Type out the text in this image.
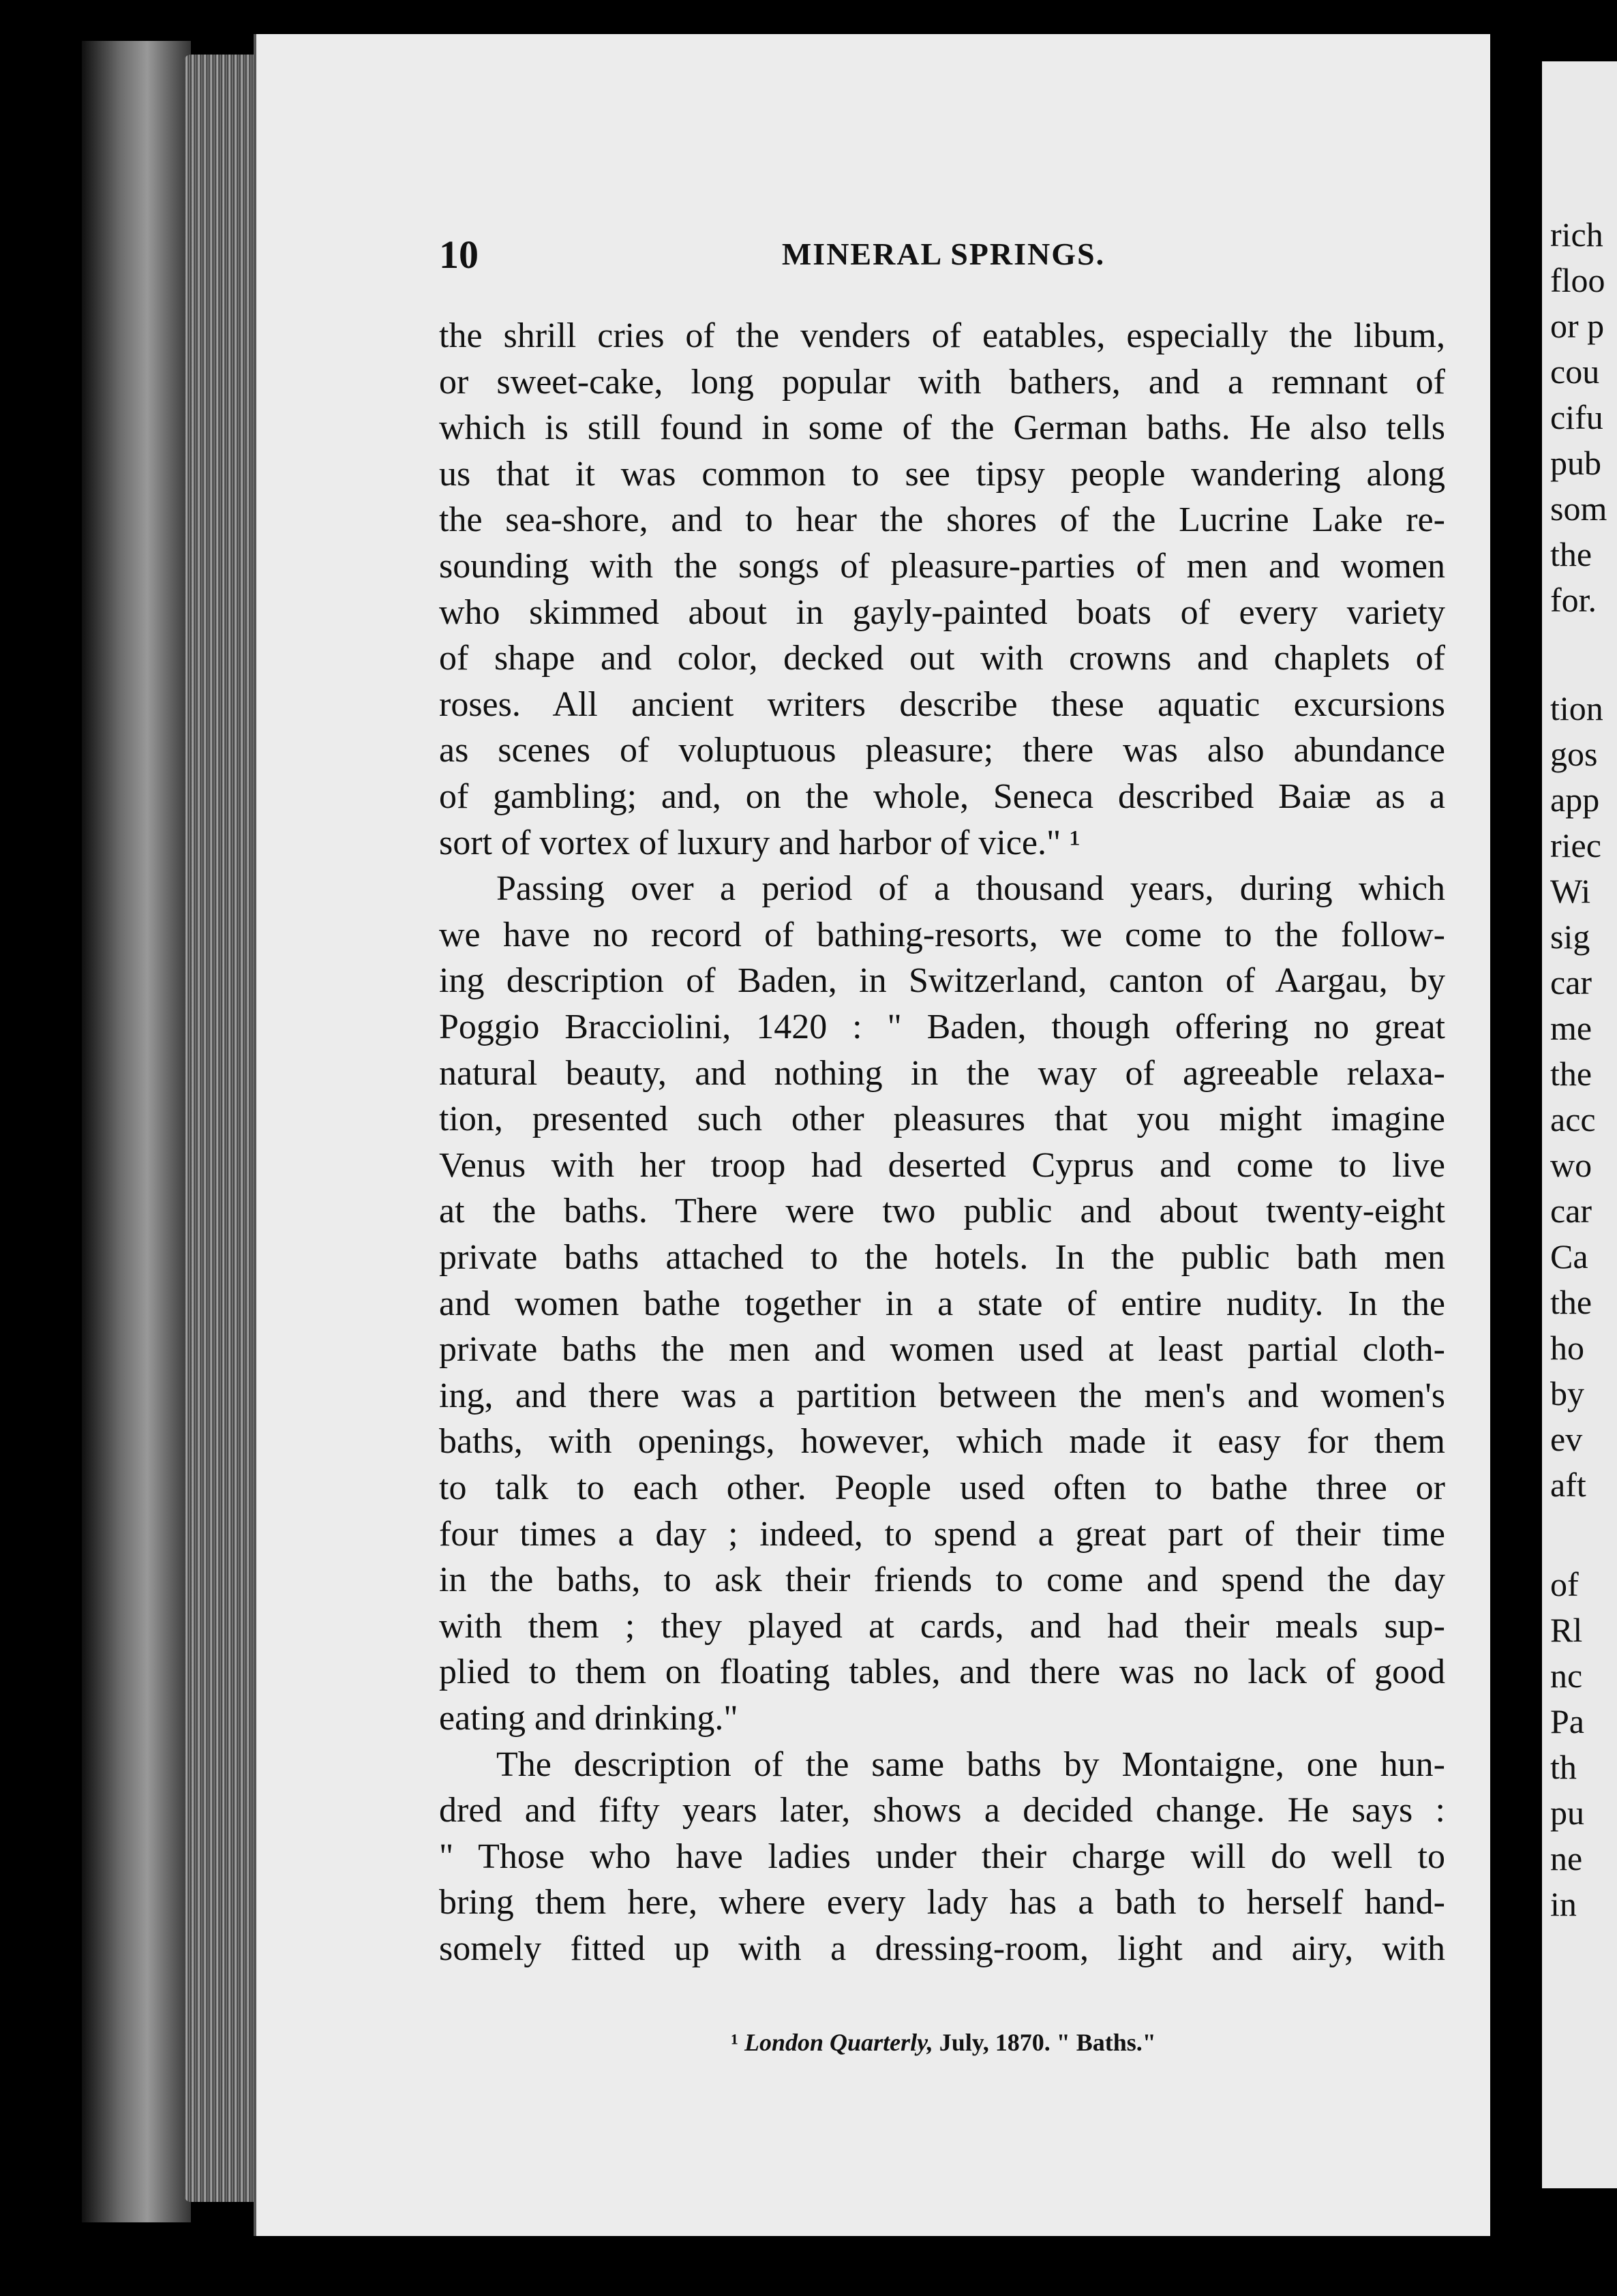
10	MINERAL SPRINGS.
the shrill cries of the venders of eatables, especially the libum,
or sweet-cake, long popular with bathers, and a remnant of
which is still found in some of the German baths. He also tells
us that it was common to see tipsy people wandering along
the sea-shore, and to hear the shores of the Lucrine Lake re-
sounding with the songs of pleasure-parties of men and women
who skimmed about in gayly-painted boats of every variety
of shape and color, decked out with crowns and chaplets of
roses. All ancient writers describe these aquatic excursions
as scenes of voluptuous pleasure; there was also abundance
of gambling; and, on the whole, Seneca described Baiæ as a
sort of vortex of luxury and harbor of vice." ¹
Passing over a period of a thousand years, during which
we have no record of bathing-resorts, we come to the follow-
ing description of Baden, in Switzerland, canton of Aargau, by
Poggio Bracciolini, 1420 : " Baden, though offering no great
natural beauty, and nothing in the way of agreeable relaxa-
tion, presented such other pleasures that you might imagine
Venus with her troop had deserted Cyprus and come to live
at the baths. There were two public and about twenty-eight
private baths attached to the hotels. In the public bath men
and women bathe together in a state of entire nudity. In the
private baths the men and women used at least partial cloth-
ing, and there was a partition between the men's and women's
baths, with openings, however, which made it easy for them
to talk to each other. People used often to bathe three or
four times a day ; indeed, to spend a great part of their time
in the baths, to ask their friends to come and spend the day
with them ; they played at cards, and had their meals sup-
plied to them on floating tables, and there was no lack of good
eating and drinking."
The description of the same baths by Montaigne, one hun-
dred and fifty years later, shows a decided change. He says :
" Those who have ladies under their charge will do well to
bring them here, where every lady has a bath to herself hand-
somely fitted up with a dressing-room, light and airy, with
¹ London Quarterly, July, 1870. " Baths."
rich
floo
or p
cou
cifu
pub
som
the
for.
tion
gos
app
riec
Wi
sig
car
me
the
acc
wo
car
Ca
the
ho
by
ev
aft
of
Rl
nc
Pa
th
pu
ne
in
